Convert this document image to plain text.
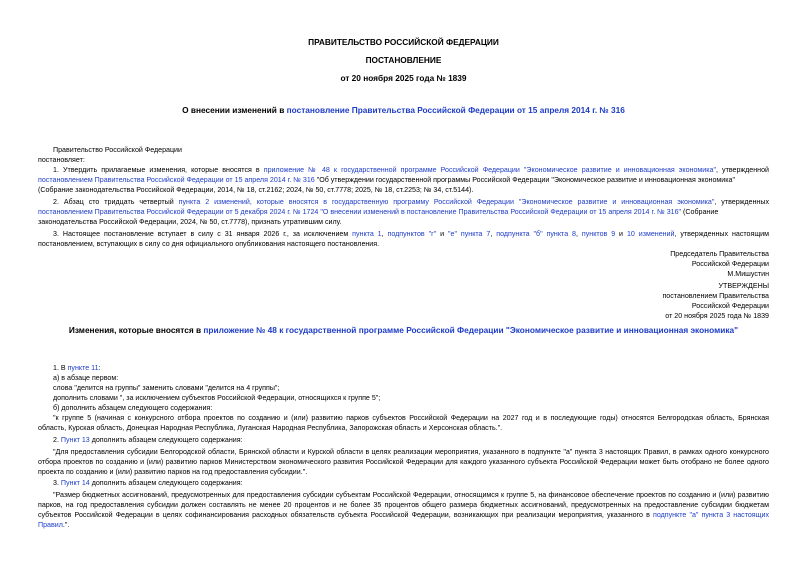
ПРАВИТЕЛЬСТВО РОССИЙСКОЙ ФЕДЕРАЦИИ
ПОСТАНОВЛЕНИЕ
от 20 ноября 2025 года № 1839
О внесении изменений в постановление Правительства Российской Федерации от 15 апреля 2014 г. № 316
Правительство Российской Федерации
постановляет:
1. Утвердить прилагаемые изменения, которые вносятся в приложение № 48 к государственной программе Российской Федерации "Экономическое развитие и инновационная экономика", утвержденной
постановлением Правительства Российской Федерации от 15 апреля 2014 г. № 316 "Об утверждении государственной программы Российской Федерации "Экономическое развитие и инновационная экономика"
(Собрание законодательства Российской Федерации, 2014, № 18, ст.2162; 2024, № 50, ст.7778; 2025, № 18, ст.2253; № 34, ст.5144).
2. Абзац сто тридцать четвертый пункта 2 изменений, которые вносятся в государственную программу Российской Федерации "Экономическое развитие и инновационная экономика", утвержденных
постановлением Правительства Российской Федерации от 5 декабря 2024 г. № 1724 "О внесении изменений в постановление Правительства Российской Федерации от 15 апреля 2014 г. № 316" (Собрание
законодательства Российской Федерации, 2024, № 50, ст.7778), признать утратившим силу.
3. Настоящее постановление вступает в силу с 31 января 2026 г., за исключением пункта 1, подпунктов "г" и "е" пункта 7, подпункта "б" пункта 8, пунктов 9 и 10 изменений, утвержденных настоящим
постановлением, вступающих в силу со дня официального опубликования настоящего постановления.
Председатель Правительства
Российской Федерации
М.Мишустин
УТВЕРЖДЕНЫ
постановлением Правительства
Российской Федерации
от 20 ноября 2025 года № 1839
Изменения, которые вносятся в приложение № 48 к государственной программе Российской Федерации "Экономическое развитие и инновационная экономика"
1. В пункте 11:
а) в абзаце первом:
слова "делится на группы" заменить словами "делится на 4 группы";
дополнить словами ", за исключением субъектов Российской Федерации, относящихся к группе 5";
б) дополнить абзацем следующего содержания:
"к группе 5 (начиная с конкурсного отбора проектов по созданию и (или) развитию парков субъектов Российской Федерации на 2027 год и в последующие годы) относятся Белгородская область, Брянская
область, Курская область, Донецкая Народная Республика, Луганская Народная Республика, Запорожская область и Херсонская область.".
2. Пункт 13 дополнить абзацем следующего содержания:
"Для предоставления субсидии Белгородской области, Брянской области и Курской области в целях реализации мероприятия, указанного в подпункте "а" пункта 3 настоящих Правил, в рамках одного конкурсного
отбора проектов по созданию и (или) развитию парков Министерством экономического развития Российской Федерации для каждого указанного субъекта Российской Федерации может быть отобрано не более одного
проекта по созданию и (или) развитию парков на год предоставления субсидии.".
3. Пункт 14 дополнить абзацем следующего содержания:
"Размер бюджетных ассигнований, предусмотренных для предоставления субсидии субъектам Российской Федерации, относящимся к группе 5, на финансовое обеспечение проектов по созданию и (или) развитию
парков, на год предоставления субсидии должен составлять не менее 20 процентов и не более 35 процентов общего размера бюджетных ассигнований, предусмотренных на предоставление субсидии бюджетам
субъектов Российской Федерации в целях софинансирования расходных обязательств субъекта Российской Федерации, возникающих при реализации мероприятия, указанного в подпункте "а" пункта 3 настоящих
Правил.".
